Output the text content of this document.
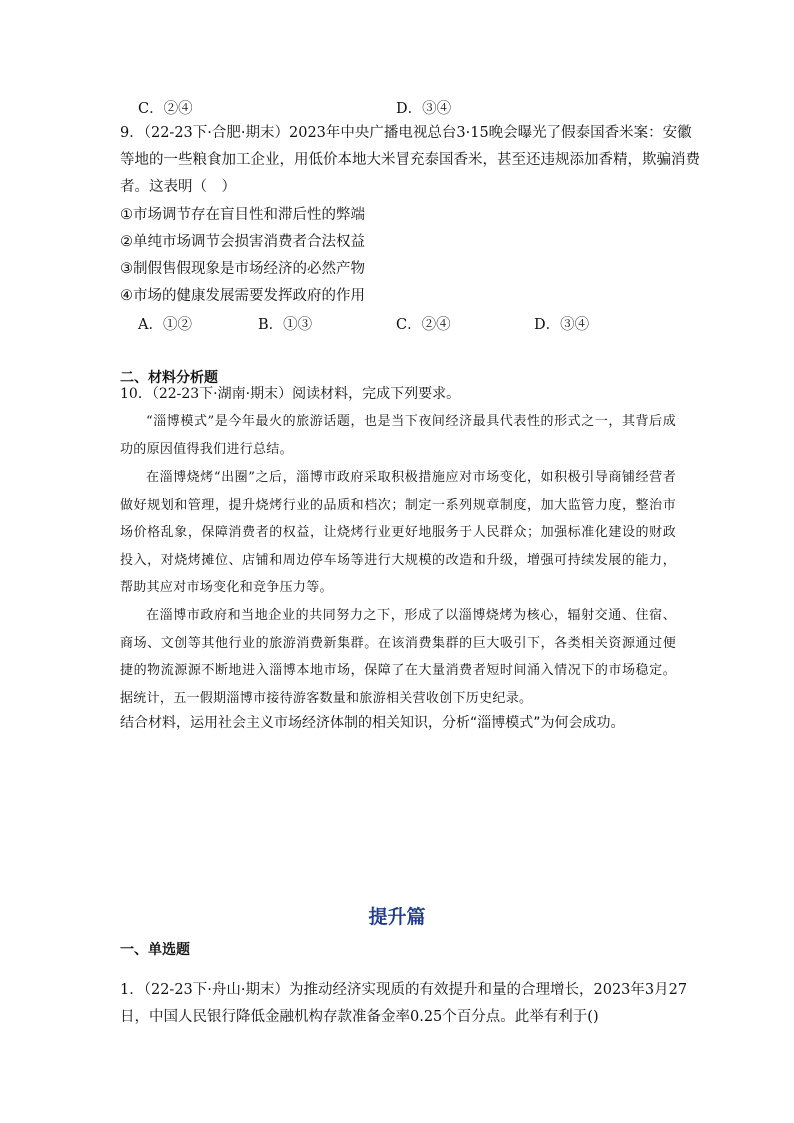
C．②④	D．③④
9．（22-23下·合肥·期末）2023年中央广播电视总台3·15晚会曝光了假泰国香米案：安徽
等地的一些粮食加工企业，用低价本地大米冒充泰国香米，甚至还违规添加香精，欺骗消费
者。这表明（　）
①市场调节存在盲目性和滞后性的弊端
②单纯市场调节会损害消费者合法权益
③制假售假现象是市场经济的必然产物
④市场的健康发展需要发挥政府的作用
A．①②	B．①③	C．②④	D．③④
二、材料分析题
10．（22-23下·湖南·期末）阅读材料，完成下列要求。
“淄博模式”是今年最火的旅游话题，也是当下夜间经济最具代表性的形式之一，其背后成功的原因值得我们进行总结。
在淄博烧烤“出圈”之后，淄博市政府采取积极措施应对市场变化，如积极引导商铺经营者做好规划和管理，提升烧烤行业的品质和档次；制定一系列规章制度，加大监管力度，整治市场价格乱象，保障消费者的权益，让烧烤行业更好地服务于人民群众；加强标准化建设的财政投入，对烧烤摊位、店铺和周边停车场等进行大规模的改造和升级，增强可持续发展的能力，帮助其应对市场变化和竞争压力等。
在淄博市政府和当地企业的共同努力之下，形成了以淄博烧烤为核心，辐射交通、住宿、商场、文创等其他行业的旅游消费新集群。在该消费集群的巨大吸引下，各类相关资源通过便捷的物流源源不断地进入淄博本地市场，保障了在大量消费者短时间涌入情况下的市场稳定。据统计，五一假期淄博市接待游客数量和旅游相关营收创下历史纪录。
结合材料，运用社会主义市场经济体制的相关知识，分析“淄博模式”为何会成功。
提升篇
一、单选题
1．（22-23下·舟山·期末）为推动经济实现质的有效提升和量的合理增长，2023年3月27
日，中国人民银行降低金融机构存款准备金率0.25个百分点。此举有利于()
